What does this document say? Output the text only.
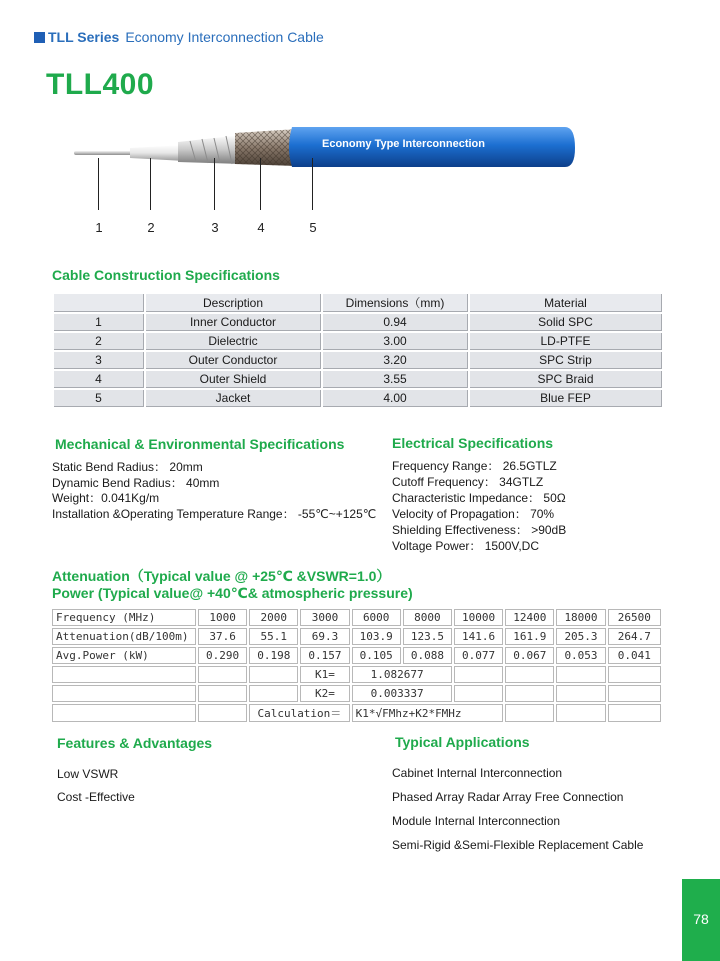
TLL Series Economy Interconnection Cable
TLL400
Economy Type Interconnection
1	2	3	4	5
Cable Construction Specifications
	Description	Dimensions（mm)	Material
1	Inner Conductor	0.94	Solid SPC
2	Dielectric	3.00	LD-PTFE
3	Outer Conductor	3.20	SPC Strip
4	Outer Shield	3.55	SPC Braid
5	Jacket	4.00	Blue FEP
Mechanical & Environmental Specifications
Static Bend Radius： 20mm
Dynamic Bend Radius： 40mm
Weight：0.041Kg/m
Installation &Operating Temperature Range： -55℃~+125℃
Electrical Specifications
Frequency Range： 26.5GTLZ
Cutoff Frequency： 34GTLZ
Characteristic Impedance： 50Ω
Velocity of Propagation： 70%
Shielding Effectiveness： >90dB
Voltage Power： 1500V,DC
Attenuation（Typical value @ +25℃ &VSWR=1.0）
Power (Typical value@ +40℃& atmospheric pressure)
Frequency (MHz)	1000	2000	3000	6000	8000	10000	12400	18000	26500
Attenuation(dB/100m)	37.6	55.1	69.3	103.9	123.5	141.6	161.9	205.3	264.7
Avg.Power (kW)	0.290	0.198	0.157	0.105	0.088	0.077	0.067	0.053	0.041
			K1=	1.082677					
			K2=	0.003337					
		Calculation＝		K1*√FMhz+K2*FMHz					
Features & Advantages
Low VSWR
Cost -Effective
Typical Applications
Cabinet Internal Interconnection
Phased Array Radar Array Free Connection
Module Internal Interconnection
Semi-Rigid &Semi-Flexible Replacement Cable
78
